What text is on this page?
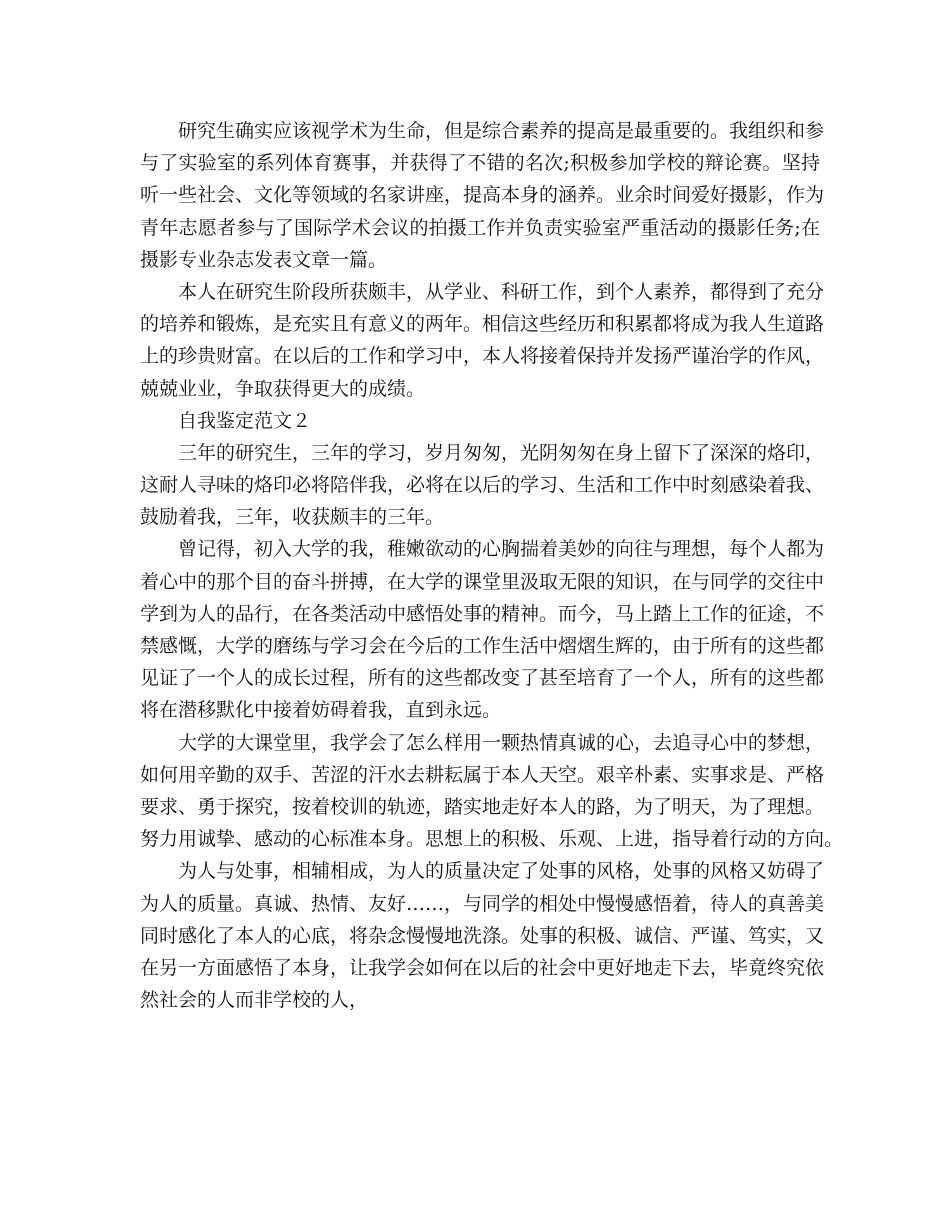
研究生确实应该视学术为生命，但是综合素养的提高是最重要的。我组织和参
与了实验室的系列体育赛事，并获得了不错的名次;积极参加学校的辩论赛。坚持
听一些社会、文化等领域的名家讲座，提高本身的涵养。业余时间爱好摄影，作为
青年志愿者参与了国际学术会议的拍摄工作并负责实验室严重活动的摄影任务;在
摄影专业杂志发表文章一篇。
本人在研究生阶段所获颇丰，从学业、科研工作，到个人素养，都得到了充分
的培养和锻炼，是充实且有意义的两年。相信这些经历和积累都将成为我人生道路
上的珍贵财富。在以后的工作和学习中，本人将接着保持并发扬严谨治学的作风，
兢兢业业，争取获得更大的成绩。
自我鉴定范文２
三年的研究生，三年的学习，岁月匆匆，光阴匆匆在身上留下了深深的烙印，
这耐人寻味的烙印必将陪伴我，必将在以后的学习、生活和工作中时刻感染着我、
鼓励着我，三年，收获颇丰的三年。
曾记得，初入大学的我，稚嫩欲动的心胸揣着美妙的向往与理想，每个人都为
着心中的那个目的奋斗拼搏，在大学的课堂里汲取无限的知识，在与同学的交往中
学到为人的品行，在各类活动中感悟处事的精神。而今，马上踏上工作的征途，不
禁感慨，大学的磨练与学习会在今后的工作生活中熠熠生辉的，由于所有的这些都
见证了一个人的成长过程，所有的这些都改变了甚至培育了一个人，所有的这些都
将在潜移默化中接着妨碍着我，直到永远。
大学的大课堂里，我学会了怎么样用一颗热情真诚的心，去追寻心中的梦想，
如何用辛勤的双手、苦涩的汗水去耕耘属于本人天空。艰辛朴素、实事求是、严格
要求、勇于探究，按着校训的轨迹，踏实地走好本人的路，为了明天，为了理想。
努力用诚挚、感动的心标准本身。思想上的积极、乐观、上进，指导着行动的方向。
为人与处事，相辅相成，为人的质量决定了处事的风格，处事的风格又妨碍了
为人的质量。真诚、热情、友好……，与同学的相处中慢慢感悟着，待人的真善美
同时感化了本人的心底，将杂念慢慢地洗涤。处事的积极、诚信、严谨、笃实，又
在另一方面感悟了本身，让我学会如何在以后的社会中更好地走下去，毕竟终究依
然社会的人而非学校的人，
